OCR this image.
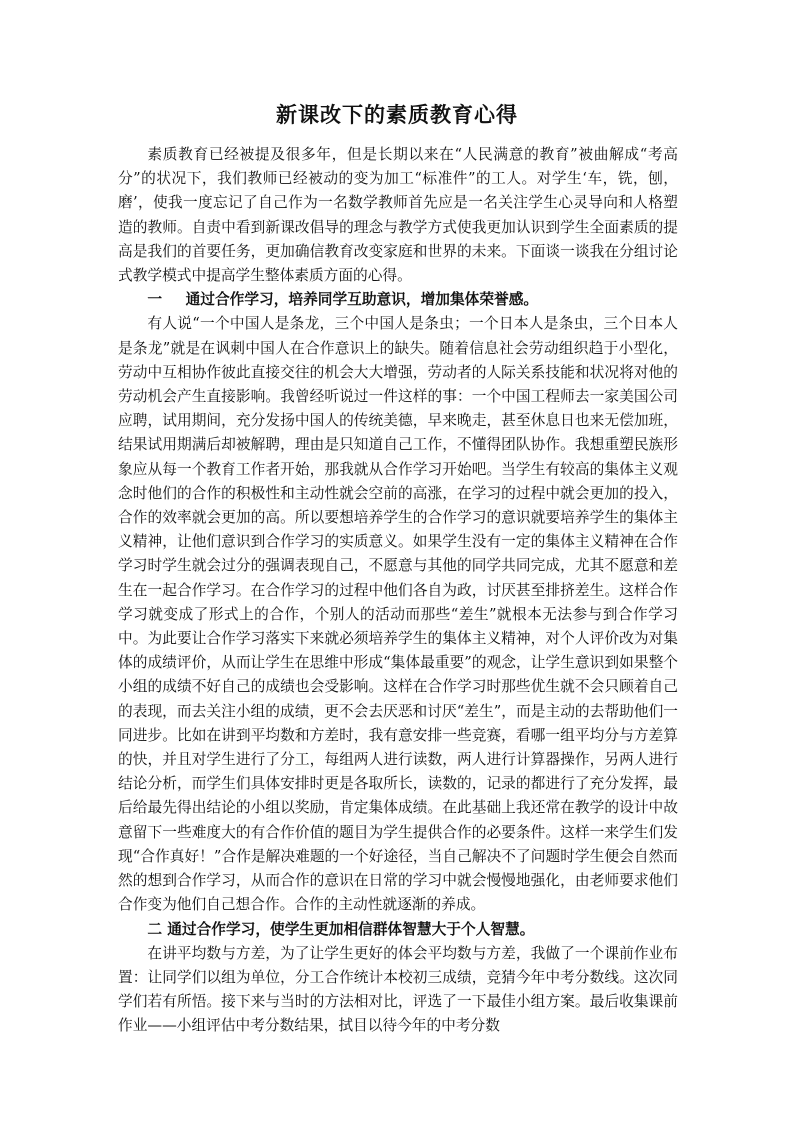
新课改下的素质教育心得

素质教育已经被提及很多年，但是长期以来在“人民满意的教育”被曲解成“考高分”的状况下，我们教师已经被动的变为加工“标准件”的工人。对学生‘车，铣，刨，磨’，使我一度忘记了自己作为一名数学教师首先应是一名关注学生心灵导向和人格塑造的教师。自责中看到新课改倡导的理念与教学方式使我更加认识到学生全面素质的提高是我们的首要任务，更加确信教育改变家庭和世界的未来。下面谈一谈我在分组讨论式教学模式中提高学生整体素质方面的心得。

一 通过合作学习，培养同学互助意识，增加集体荣誉感。

有人说“一个中国人是条龙，三个中国人是条虫；一个日本人是条虫，三个日本人是条龙”就是在讽刺中国人在合作意识上的缺失。随着信息社会劳动组织趋于小型化，劳动中互相协作彼此直接交往的机会大大增强，劳动者的人际关系技能和状况将对他的劳动机会产生直接影响。我曾经听说过一件这样的事：一个中国工程师去一家美国公司应聘，试用期间，充分发扬中国人的传统美德，早来晚走，甚至休息日也来无偿加班，结果试用期满后却被解聘，理由是只知道自己工作，不懂得团队协作。我想重塑民族形象应从每一个教育工作者开始，那我就从合作学习开始吧。当学生有较高的集体主义观念时他们的合作的积极性和主动性就会空前的高涨，在学习的过程中就会更加的投入，合作的效率就会更加的高。所以要想培养学生的合作学习的意识就要培养学生的集体主义精神，让他们意识到合作学习的实质意义。如果学生没有一定的集体主义精神在合作学习时学生就会过分的强调表现自己，不愿意与其他的同学共同完成，尤其不愿意和差生在一起合作学习。在合作学习的过程中他们各自为政，讨厌甚至排挤差生。这样合作学习就变成了形式上的合作，个别人的活动而那些“差生”就根本无法参与到合作学习中。为此要让合作学习落实下来就必须培养学生的集体主义精神，对个人评价改为对集体的成绩评价，从而让学生在思维中形成“集体最重要”的观念，让学生意识到如果整个小组的成绩不好自己的成绩也会受影响。这样在合作学习时那些优生就不会只顾着自己的表现，而去关注小组的成绩，更不会去厌恶和讨厌“差生”，而是主动的去帮助他们一同进步。比如在讲到平均数和方差时，我有意安排一些竞赛，看哪一组平均分与方差算的快，并且对学生进行了分工，每组两人进行读数，两人进行计算器操作，另两人进行结论分析，而学生们具体安排时更是各取所长，读数的，记录的都进行了充分发挥，最后给最先得出结论的小组以奖励，肯定集体成绩。在此基础上我还常在教学的设计中故意留下一些难度大的有合作价值的题目为学生提供合作的必要条件。这样一来学生们发现“合作真好！”合作是解决难题的一个好途径，当自己解决不了问题时学生便会自然而然的想到合作学习，从而合作的意识在日常的学习中就会慢慢地强化，由老师要求他们合作变为他们自己想合作。合作的主动性就逐渐的养成。

二 通过合作学习，使学生更加相信群体智慧大于个人智慧。

在讲平均数与方差，为了让学生更好的体会平均数与方差，我做了一个课前作业布置：让同学们以组为单位，分工合作统计本校初三成绩，竞猜今年中考分数线。这次同学们若有所悟。接下来与当时的方法相对比，评选了一下最佳小组方案。最后收集课前作业——小组评估中考分数结果，拭目以待今年的中考分数
